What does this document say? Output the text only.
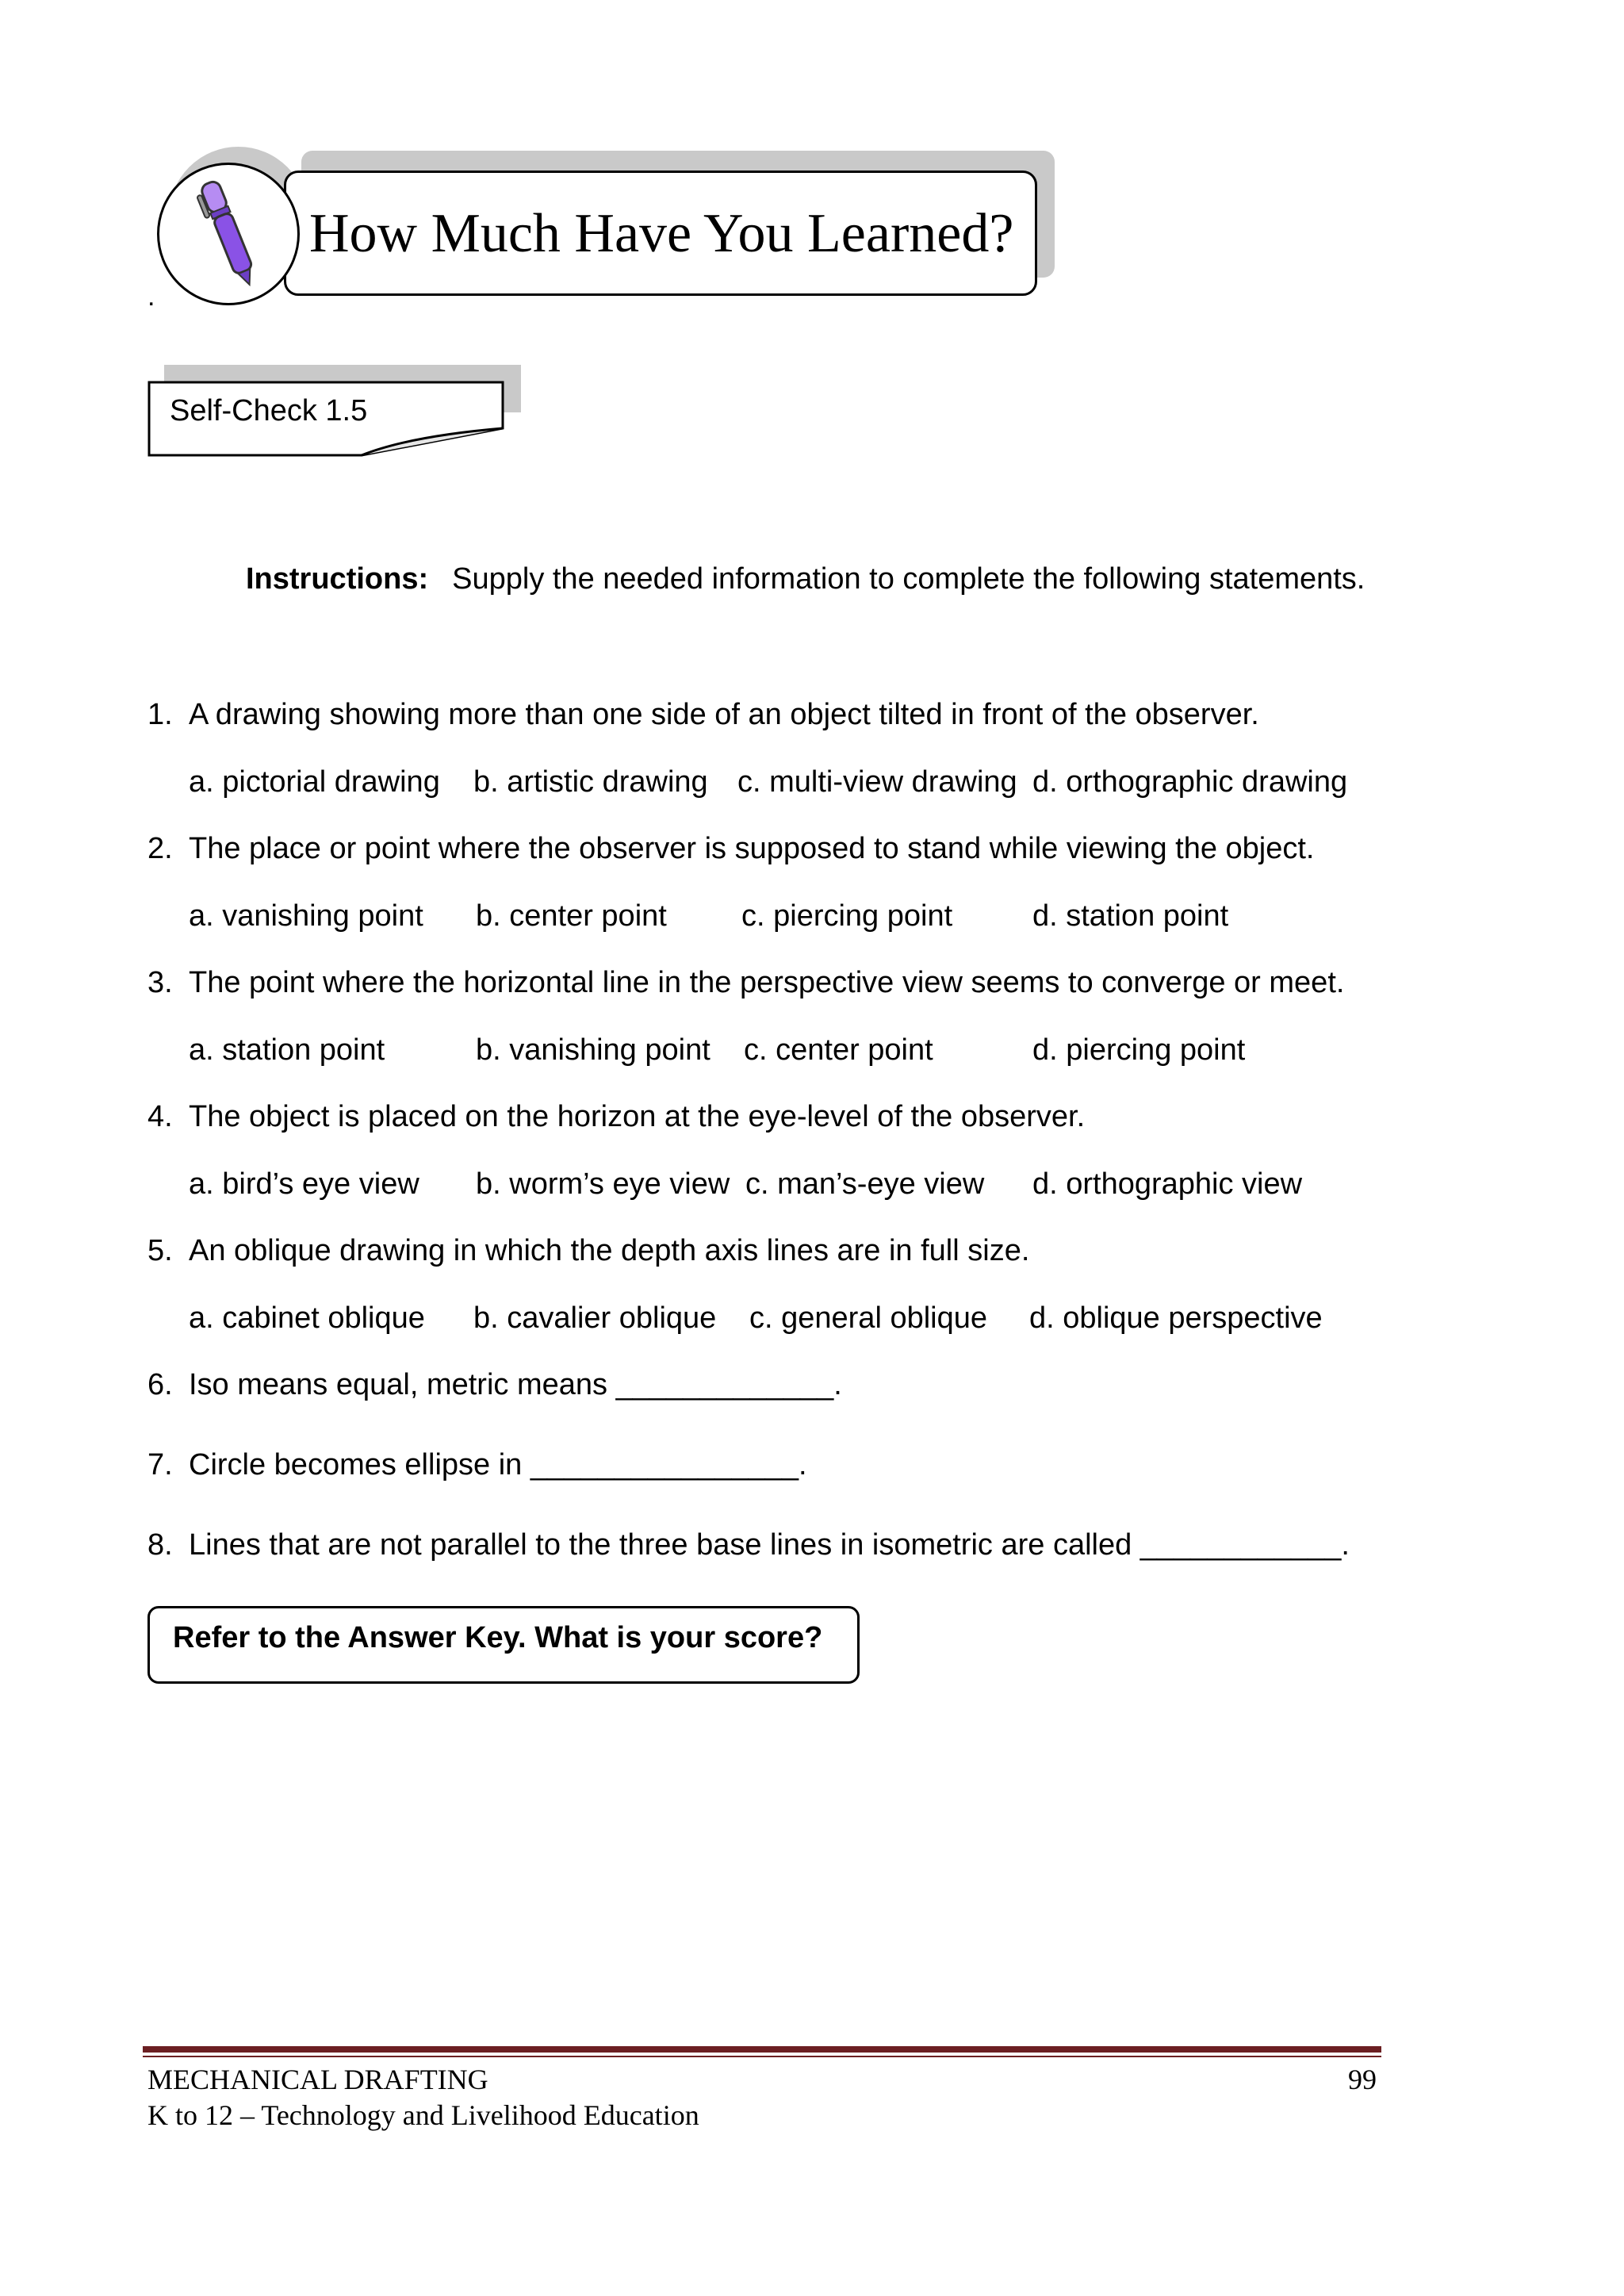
How Much Have You Learned?
.
Self-Check 1.5
Instructions: Supply the needed information to complete the following statements.
1. A drawing showing more than one side of an object tilted in front of the observer.
a. pictorial drawing b. artistic drawing c. multi-view drawing d. orthographic drawing
2. The place or point where the observer is supposed to stand while viewing the object.
a. vanishing point b. center point c. piercing point	d. station point
3. The point where the horizontal line in the perspective view seems to converge or meet.
a. station point	b. vanishing point c. center point	d. piercing point
4. The object is placed on the horizon at the eye-level of the observer.
a. bird’s eye view b. worm’s eye view c. man’s-eye view d. orthographic view
5. An oblique drawing in which the depth axis lines are in full size.
a. cabinet oblique b. cavalier oblique c. general oblique d. oblique perspective
6. Iso means equal, metric means _____________.
7. Circle becomes ellipse in ________________.
8. Lines that are not parallel to the three base lines in isometric are called ____________.
Refer to the Answer Key. What is your score?
MECHANICAL DRAFTING
K to 12 – Technology and Livelihood Education
99
